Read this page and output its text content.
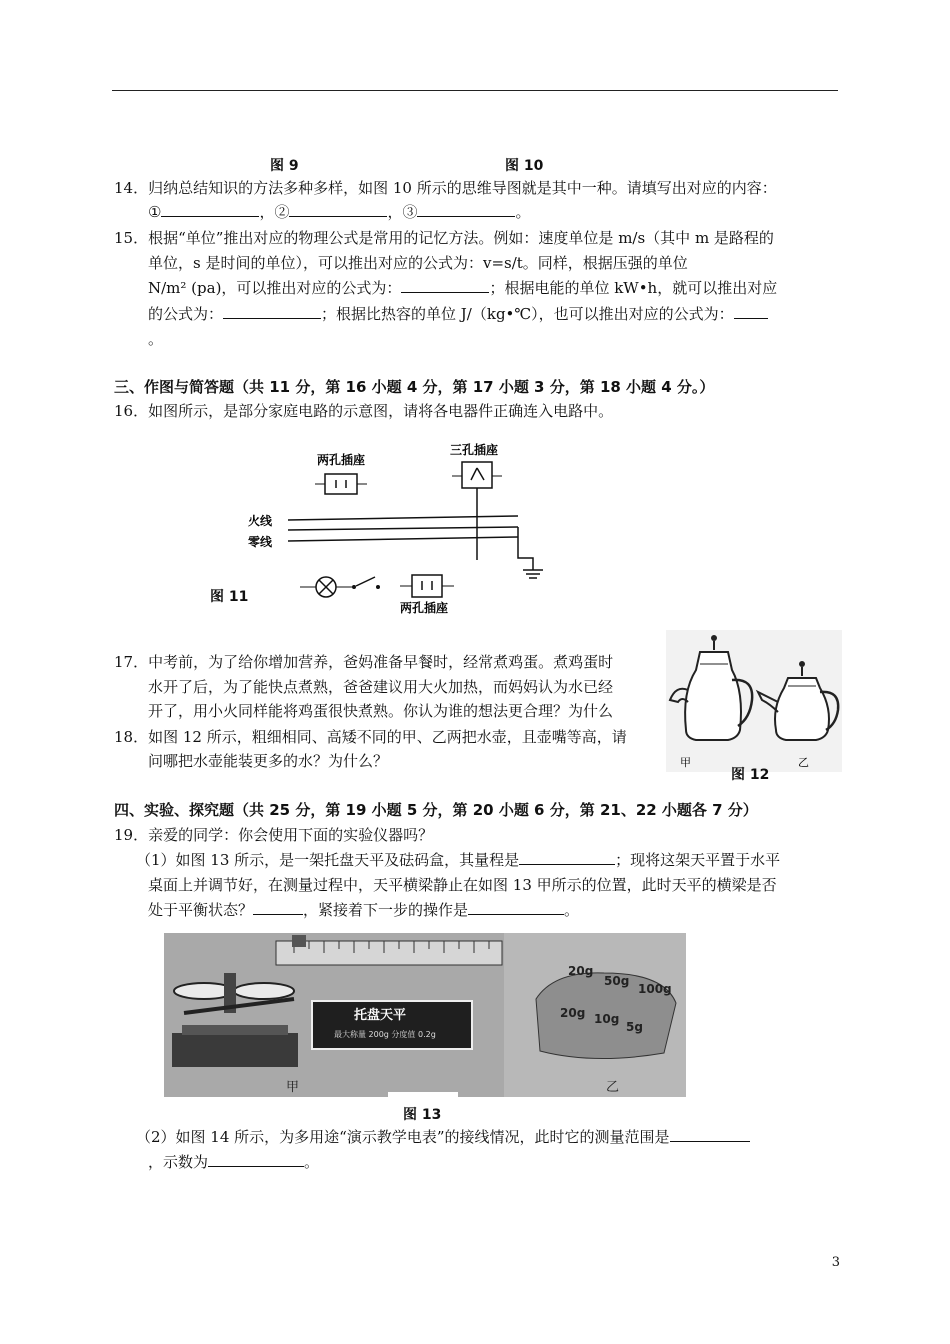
图 9	图 10
14．归纳总结知识的方法多种多样，如图 10 所示的思维导图就是其中一种。请填写出对应的内容：
①	，②	，③	。
15．根据“单位”推出对应的物理公式是常用的记忆方法。例如：速度单位是 m/s（其中 m 是路程的
单位，s 是时间的单位），可以推出对应的公式为：v=s/t。同样，根据压强的单位
N/m² (pa)，可以推出对应的公式为：	；根据电能的单位 kW•h，就可以推出对应
的公式为：	；根据比热容的单位 J/（kg•℃），也可以推出对应的公式为：
。
三、作图与简答题（共 11 分，第 16 小题 4 分，第 17 小题 3 分，第 18 小题 4 分。）
16．如图所示，是部分家庭电路的示意图，请将各电器件正确连入电路中。
两孔插座
三孔插座
火线
零线
两孔插座
图 11
17．中考前，为了给你增加营养，爸妈准备早餐时，经常煮鸡蛋。煮鸡蛋时
水开了后，为了能快点煮熟，爸爸建议用大火加热，而妈妈认为水已经
开了，用小火同样能将鸡蛋很快煮熟。你认为谁的想法更合理？为什么
18．如图 12 所示，粗细相同、高矮不同的甲、乙两把水壶，且壶嘴等高，请
问哪把水壶能装更多的水？为什么？	甲	乙
图 12
四、实验、探究题（共 25 分，第 19 小题 5 分，第 20 小题 6 分，第 21、22 小题各 7 分）
19．亲爱的同学：你会使用下面的实验仪器吗？
（1）如图 13 所示，是一架托盘天平及砝码盒，其量程是	；现将这架天平置于水平
桌面上并调节好，在测量过程中，天平横梁静止在如图 13 甲所示的位置，此时天平的横梁是否
处于平衡状态？	，紧接着下一步的操作是	。
托盘天平
最大称量 200g 分度值 0.2g
20g
50g
100g
20g 10g
5g
甲	乙
图 13
（2）如图 14 所示，为多用途“演示教学电表”的接线情况，此时它的测量范围是
，示数为	。
3
